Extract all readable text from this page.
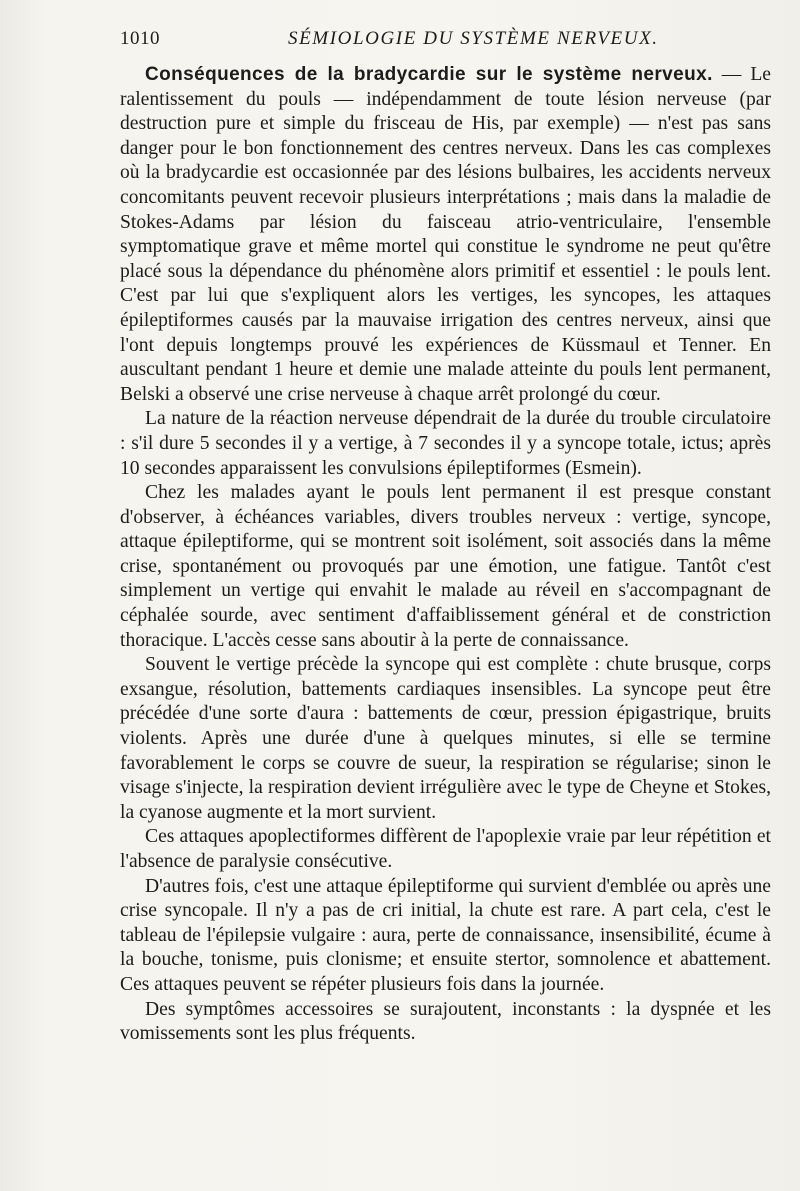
1010	SÉMIOLOGIE DU SYSTÈME NERVEUX.

Conséquences de la bradycardie sur le système nerveux. — Le ralentissement du pouls — indépendamment de toute lésion nerveuse (par destruction pure et simple du frisceau de His, par exemple) — n'est pas sans danger pour le bon fonctionnement des centres nerveux. Dans les cas complexes où la bradycardie est occasionnée par des lésions bulbaires, les accidents nerveux concomitants peuvent recevoir plusieurs interprétations ; mais dans la maladie de Stokes-Adams par lésion du faisceau atrio-ventriculaire, l'ensemble symptomatique grave et même mortel qui constitue le syndrome ne peut qu'être placé sous la dépendance du phénomène alors primitif et essentiel : le pouls lent. C'est par lui que s'expliquent alors les vertiges, les syncopes, les attaques épileptiformes causés par la mauvaise irrigation des centres nerveux, ainsi que l'ont depuis longtemps prouvé les expériences de Küssmaul et Tenner. En auscultant pendant 1 heure et demie une malade atteinte du pouls lent permanent, Belski a observé une crise nerveuse à chaque arrêt prolongé du cœur.

La nature de la réaction nerveuse dépendrait de la durée du trouble circulatoire : s'il dure 5 secondes il y a vertige, à 7 secondes il y a syncope totale, ictus; après 10 secondes apparaissent les convulsions épileptiformes (Esmein).

Chez les malades ayant le pouls lent permanent il est presque constant d'observer, à échéances variables, divers troubles nerveux : vertige, syncope, attaque épileptiforme, qui se montrent soit isolément, soit associés dans la même crise, spontanément ou provoqués par une émotion, une fatigue. Tantôt c'est simplement un vertige qui envahit le malade au réveil en s'accompagnant de céphalée sourde, avec sentiment d'affaiblissement général et de constriction thoracique. L'accès cesse sans aboutir à la perte de connaissance.

Souvent le vertige précède la syncope qui est complète : chute brusque, corps exsangue, résolution, battements cardiaques insensibles. La syncope peut être précédée d'une sorte d'aura : battements de cœur, pression épigastrique, bruits violents. Après une durée d'une à quelques minutes, si elle se termine favorablement le corps se couvre de sueur, la respiration se régularise; sinon le visage s'injecte, la respiration devient irrégulière avec le type de Cheyne et Stokes, la cyanose augmente et la mort survient.

Ces attaques apoplectiformes diffèrent de l'apoplexie vraie par leur répétition et l'absence de paralysie consécutive.

D'autres fois, c'est une attaque épileptiforme qui survient d'emblée ou après une crise syncopale. Il n'y a pas de cri initial, la chute est rare. A part cela, c'est le tableau de l'épilepsie vulgaire : aura, perte de connaissance, insensibilité, écume à la bouche, tonisme, puis clonisme; et ensuite stertor, somnolence et abattement. Ces attaques peuvent se répéter plusieurs fois dans la journée.

Des symptômes accessoires se surajoutent, inconstants : la dyspnée et les vomissements sont les plus fréquents.
